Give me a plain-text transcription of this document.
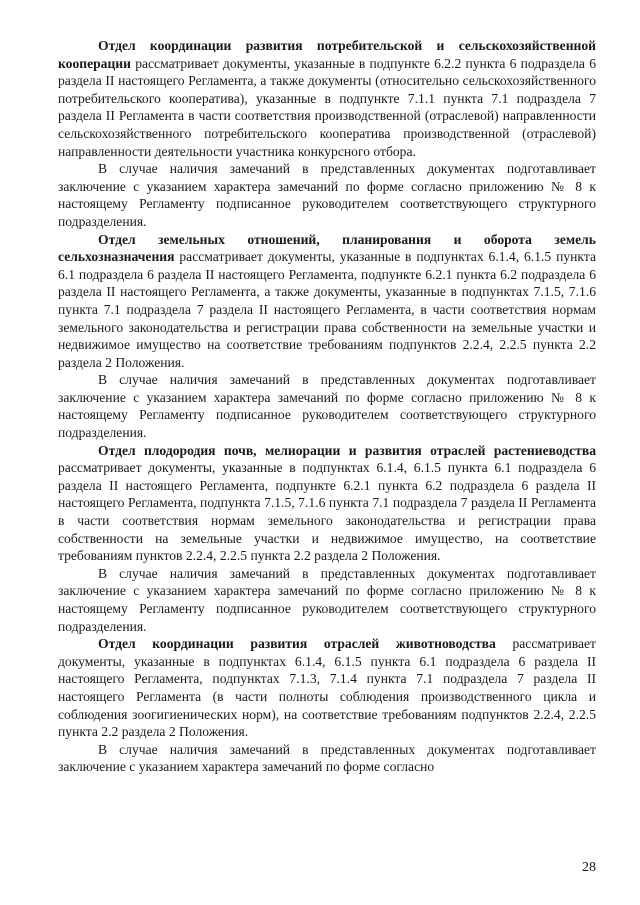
Отдел координации развития потребительской и сельскохозяйственной кооперации рассматривает документы, указанные в подпункте 6.2.2 пункта 6 подраздела 6 раздела II настоящего Регламента, а также документы (относительно сельскохозяйственного потребительского кооператива), указанные в подпункте 7.1.1 пункта 7.1 подраздела 7 раздела II Регламента в части соответствия производственной (отраслевой) направленности сельскохозяйственного потребительского кооператива производственной (отраслевой) направленности деятельности участника конкурсного отбора.

В случае наличия замечаний в представленных документах подготавливает заключение с указанием характера замечаний по форме согласно приложению № 8 к настоящему Регламенту подписанное руководителем соответствующего структурного подразделения.

Отдел земельных отношений, планирования и оборота земель сельхозназначения рассматривает документы, указанные в подпунктах 6.1.4, 6.1.5 пункта 6.1 подраздела 6 раздела II настоящего Регламента, подпункте 6.2.1 пункта 6.2 подраздела 6 раздела II настоящего Регламента, а также документы, указанные в подпунктах 7.1.5, 7.1.6 пункта 7.1 подраздела 7 раздела II настоящего Регламента, в части соответствия нормам земельного законодательства и регистрации права собственности на земельные участки и недвижимое имущество на соответствие требованиям подпунктов 2.2.4, 2.2.5 пункта 2.2 раздела 2 Положения.

В случае наличия замечаний в представленных документах подготавливает заключение с указанием характера замечаний по форме согласно приложению № 8 к настоящему Регламенту подписанное руководителем соответствующего структурного подразделения.

Отдел плодородия почв, мелиорации и развития отраслей растениеводства рассматривает документы, указанные в подпунктах 6.1.4, 6.1.5 пункта 6.1 подраздела 6 раздела II настоящего Регламента, подпункте 6.2.1 пункта 6.2 подраздела 6 раздела II настоящего Регламента, подпункта 7.1.5, 7.1.6 пункта 7.1 подраздела 7 раздела II Регламента в части соответствия нормам земельного законодательства и регистрации права собственности на земельные участки и недвижимое имущество, на соответствие требованиям пунктов 2.2.4, 2.2.5 пункта 2.2 раздела 2 Положения.

В случае наличия замечаний в представленных документах подготавливает заключение с указанием характера замечаний по форме согласно приложению № 8 к настоящему Регламенту подписанное руководителем соответствующего структурного подразделения.

Отдел координации развития отраслей животноводства рассматривает документы, указанные в подпунктах 6.1.4, 6.1.5 пункта 6.1 подраздела 6 раздела II настоящего Регламента, подпунктах 7.1.3, 7.1.4 пункта 7.1 подраздела 7 раздела II настоящего Регламента (в части полноты соблюдения производственного цикла и соблюдения зоогигиенических норм), на соответствие требованиям подпунктов 2.2.4, 2.2.5 пункта 2.2 раздела 2 Положения.

В случае наличия замечаний в представленных документах подготавливает заключение с указанием характера замечаний по форме согласно

28
